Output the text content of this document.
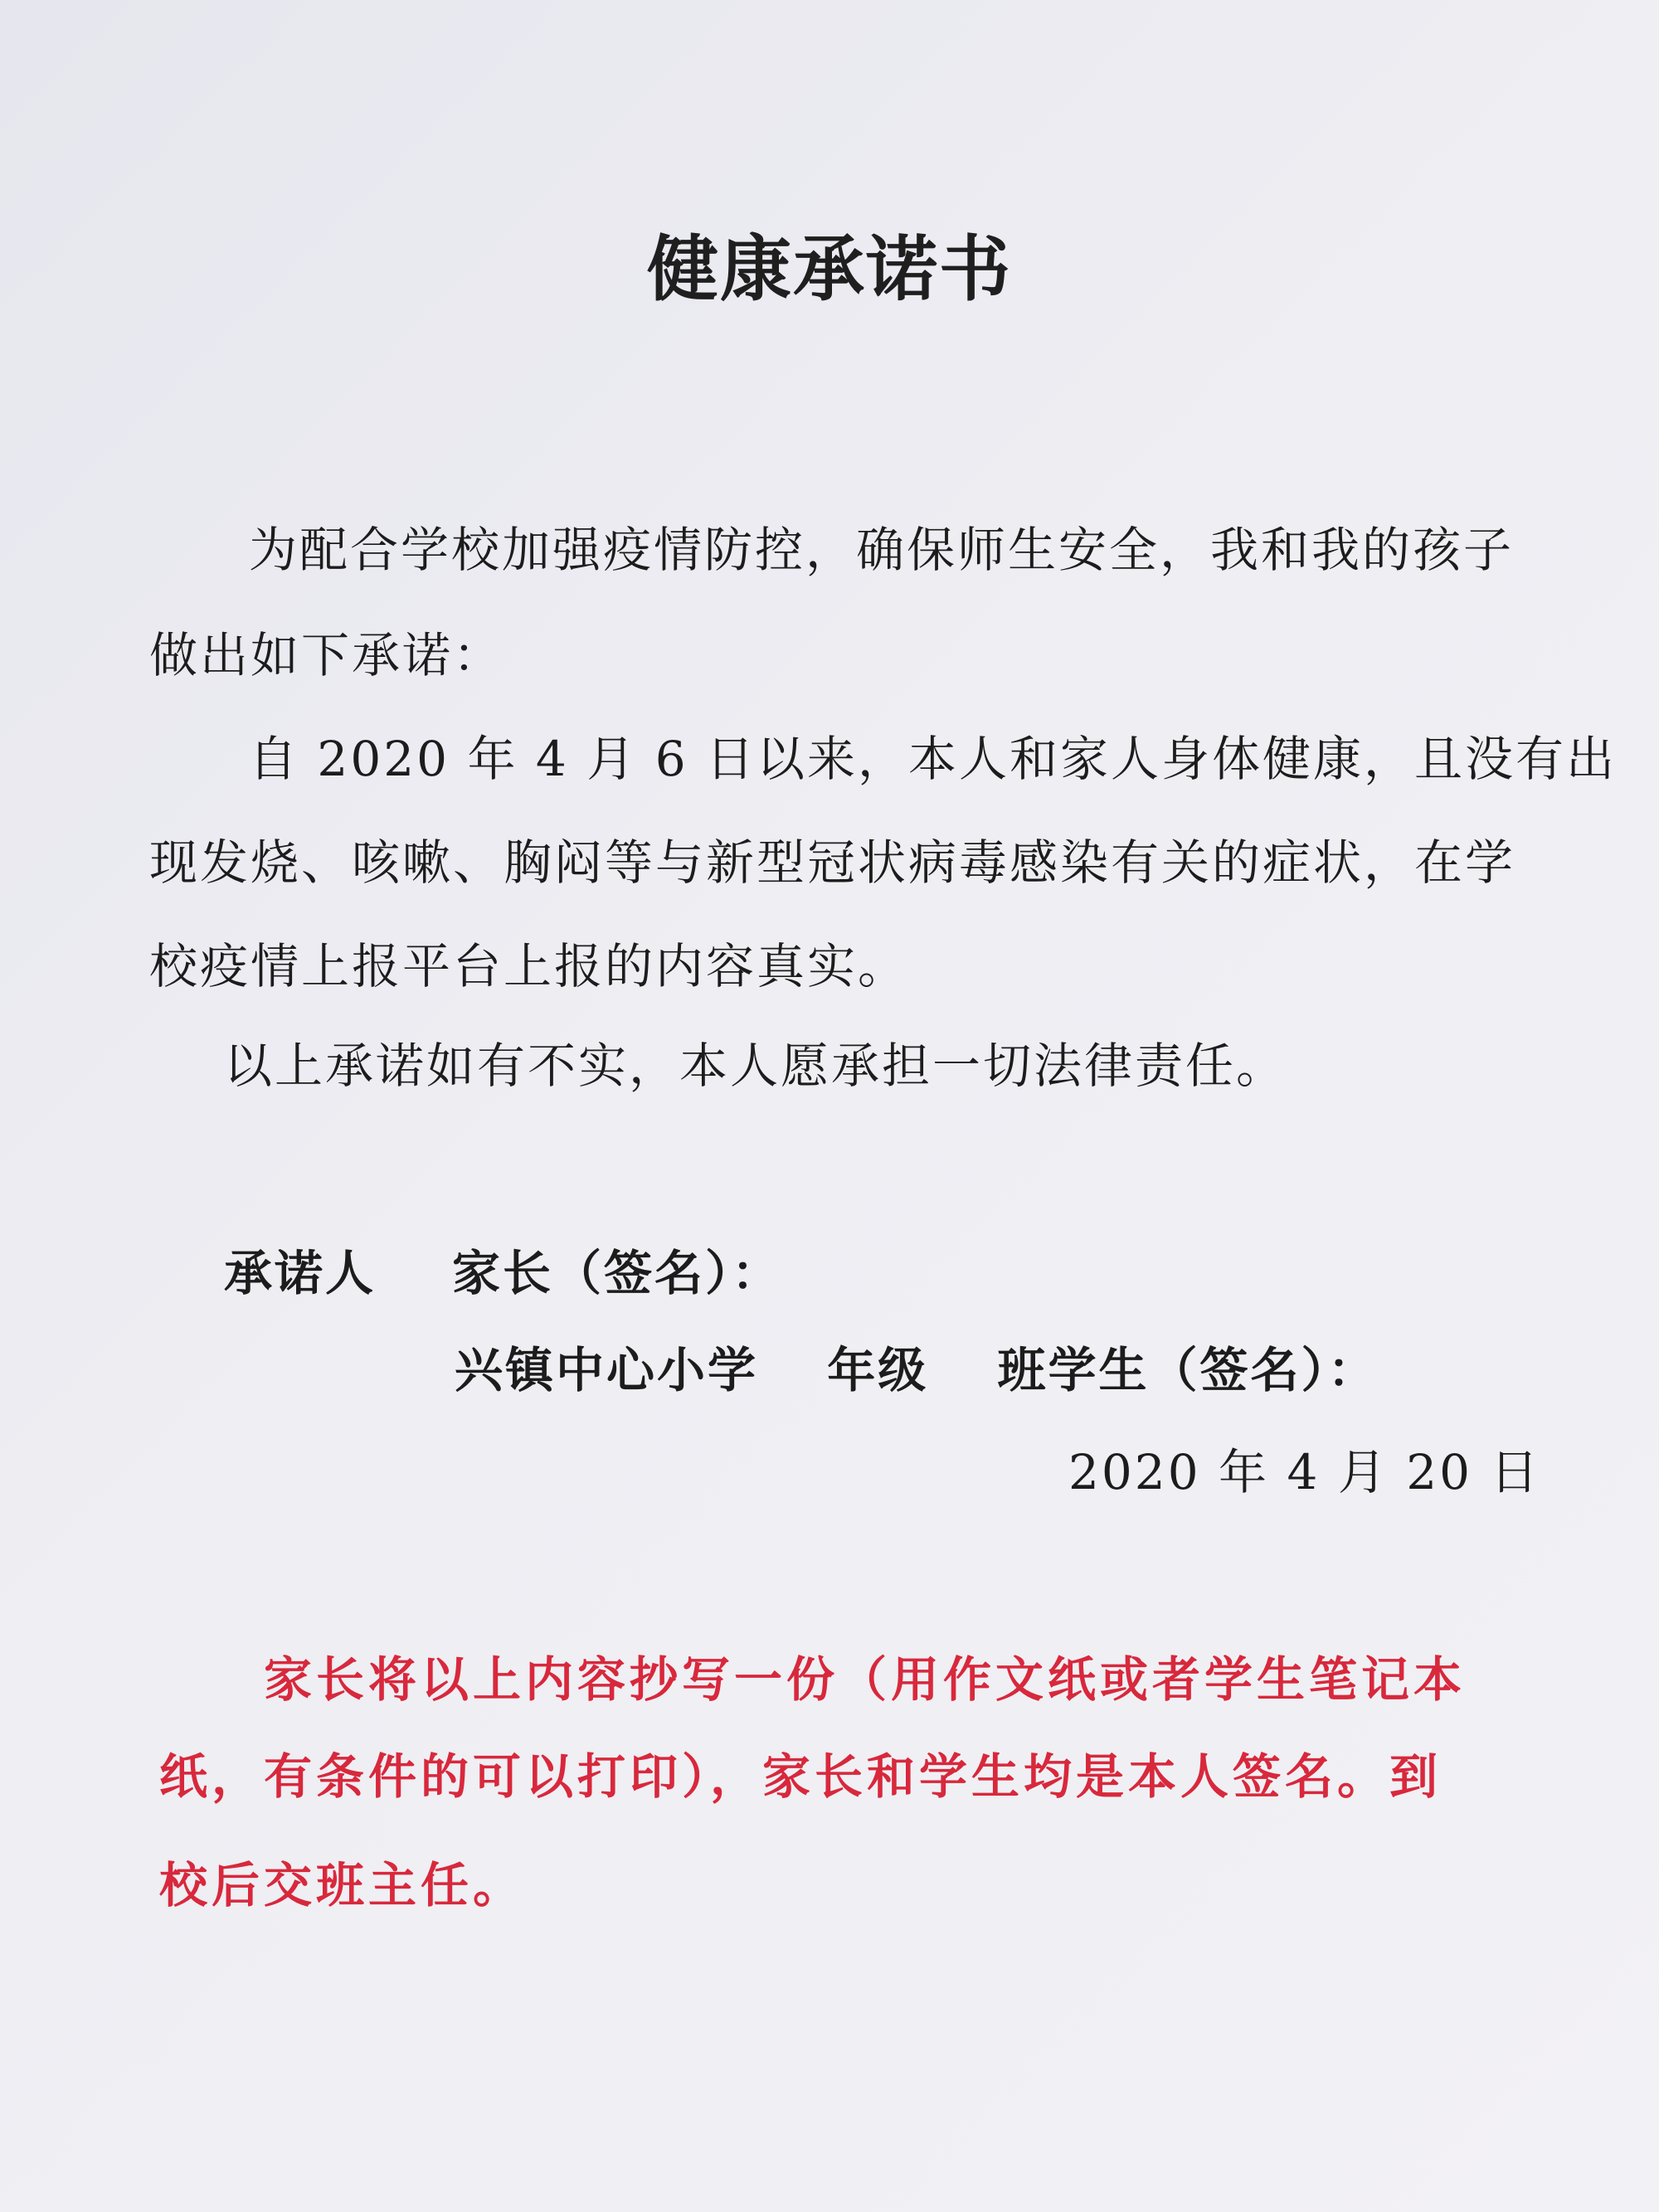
健康承诺书
为配合学校加强疫情防控，确保师生安全，我和我的孩子
做出如下承诺：
自 2020 年 4 月 6 日以来，本人和家人身体健康，且没有出
现发烧、咳嗽、胸闷等与新型冠状病毒感染有关的症状，在学
校疫情上报平台上报的内容真实。
以上承诺如有不实，本人愿承担一切法律责任。
承诺人 家长（签名）：
兴镇中心小学 年级 班学生（签名）：
2020 年 4 月 20 日
家长将以上内容抄写一份（用作文纸或者学生笔记本
纸，有条件的可以打印），家长和学生均是本人签名。到
校后交班主任。
